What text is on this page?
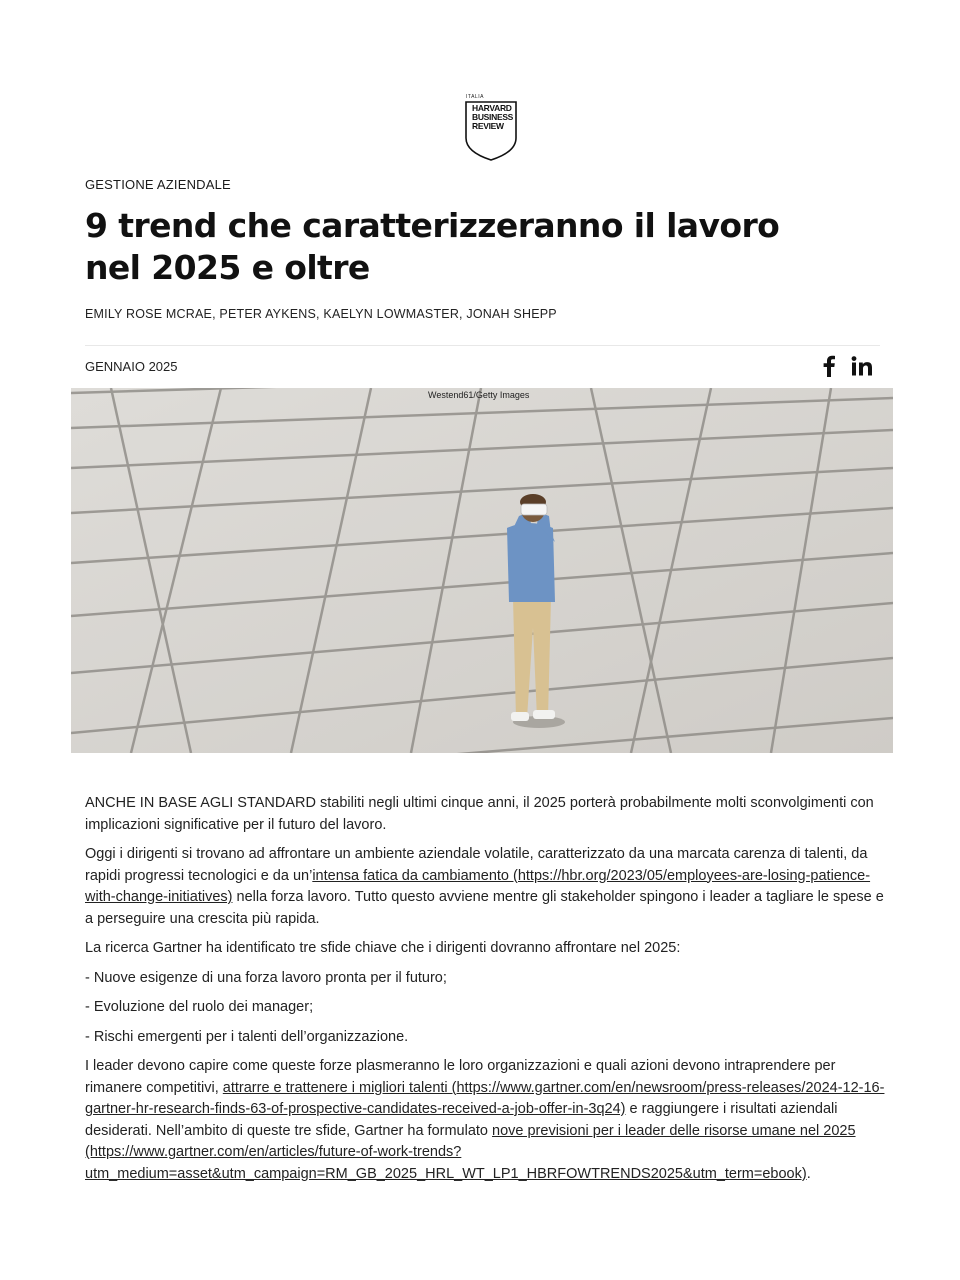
ITALIA
HARVARD
BUSINESS
REVIEW
GESTIONE AZIENDALE
9 trend che caratterizzeranno il lavoro nel 2025 e oltre
EMILY ROSE MCRAE, PETER AYKENS, KAELYN LOWMASTER, JONAH SHEPP
GENNAIO 2025
Westend61/Getty Images

ANCHE IN BASE AGLI STANDARD stabiliti negli ultimi cinque anni, il 2025 porterà probabilmente molti sconvolgimenti con implicazioni significative per il futuro del lavoro.

Oggi i dirigenti si trovano ad affrontare un ambiente aziendale volatile, caratterizzato da una marcata carenza di talenti, da rapidi progressi tecnologici e da un’intensa fatica da cambiamento (https://hbr.org/2023/05/employees-are-losing-patience-with-change-initiatives) nella forza lavoro. Tutto questo avviene mentre gli stakeholder spingono i leader a tagliare le spese e a perseguire una crescita più rapida.

La ricerca Gartner ha identificato tre sfide chiave che i dirigenti dovranno affrontare nel 2025:

- Nuove esigenze di una forza lavoro pronta per il futuro;

- Evoluzione del ruolo dei manager;

- Rischi emergenti per i talenti dell’organizzazione.

I leader devono capire come queste forze plasmeranno le loro organizzazioni e quali azioni devono intraprendere per rimanere competitivi, attrarre e trattenere i migliori talenti (https://www.gartner.com/en/newsroom/press-releases/2024-12-16-gartner-hr-research-finds-63-of-prospective-candidates-received-a-job-offer-in-3q24) e raggiungere i risultati aziendali desiderati. Nell’ambito di queste tre sfide, Gartner ha formulato nove previsioni per i leader delle risorse umane nel 2025 (https://www.gartner.com/en/articles/future-of-work-trends?utm_medium=asset&utm_campaign=RM_GB_2025_HRL_WT_LP1_HBRFOWTRENDS2025&utm_term=ebook).
